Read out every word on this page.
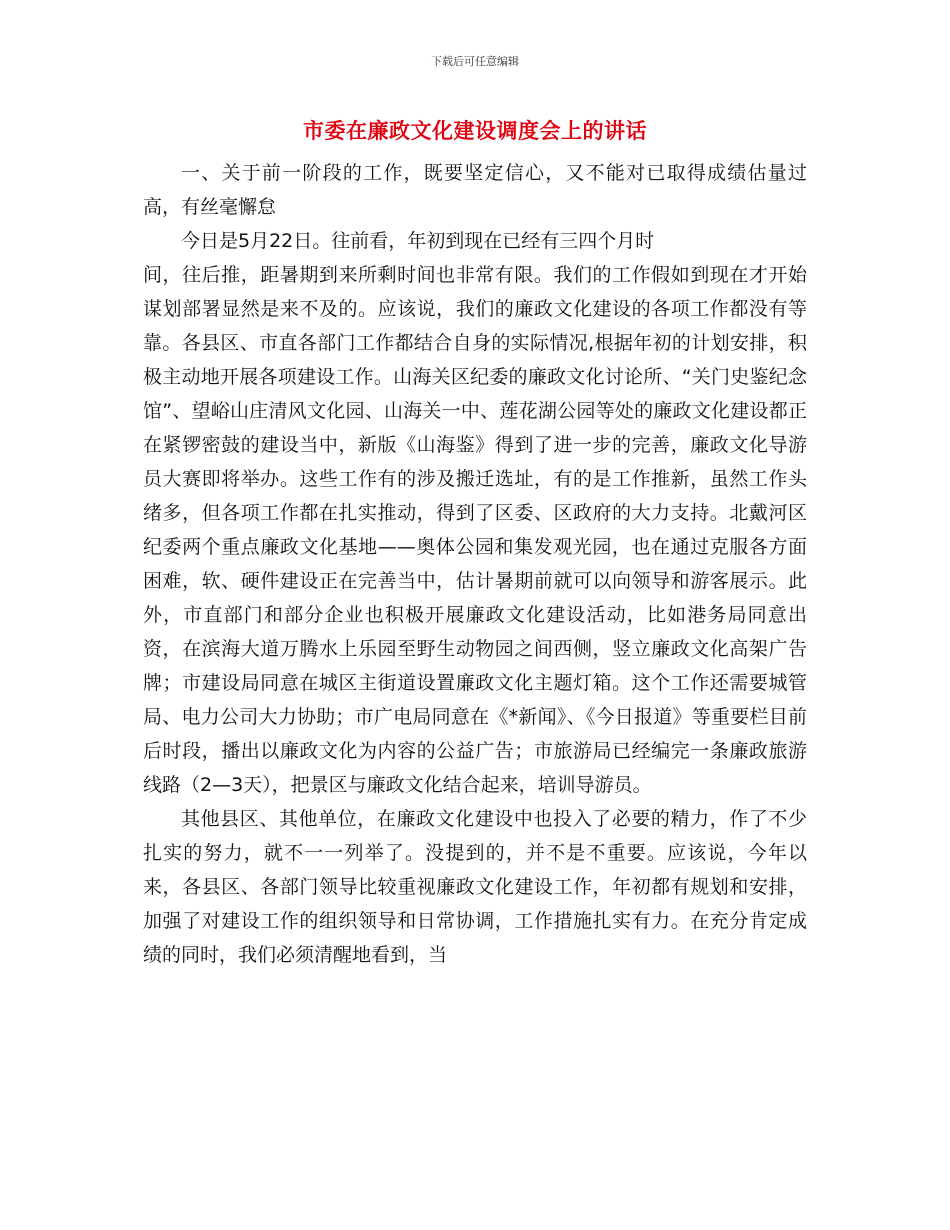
下载后可任意编辑
市委在廉政文化建设调度会上的讲话

一、关于前一阶段的工作，既要坚定信心，又不能对已取得成绩估量过高，有丝毫懈怠

今日是5月22日。往前看，年初到现在已经有三四个月时

间，往后推，距暑期到来所剩时间也非常有限。我们的工作假如到现在才开始谋划部署显然是来不及的。应该说，我们的廉政文化建设的各项工作都没有等靠。各县区、市直各部门工作都结合自身的实际情况,根据年初的计划安排，积极主动地开展各项建设工作。山海关区纪委的廉政文化讨论所、“关门史鉴纪念馆”、望峪山庄清风文化园、山海关一中、莲花湖公园等处的廉政文化建设都正在紧锣密鼓的建设当中，新版《山海鉴》得到了进一步的完善，廉政文化导游员大赛即将举办。这些工作有的涉及搬迁选址，有的是工作推新，虽然工作头绪多，但各项工作都在扎实推动，得到了区委、区政府的大力支持。北戴河区纪委两个重点廉政文化基地——奥体公园和集发观光园，也在通过克服各方面困难，软、硬件建设正在完善当中，估计暑期前就可以向领导和游客展示。此外，市直部门和部分企业也积极开展廉政文化建设活动，比如港务局同意出资，在滨海大道万腾水上乐园至野生动物园之间西侧，竖立廉政文化高架广告牌；市建设局同意在城区主街道设置廉政文化主题灯箱。这个工作还需要城管局、电力公司大力协助；市广电局同意在《*新闻》、《今日报道》等重要栏目前后时段，播出以廉政文化为内容的公益广告；市旅游局已经编完一条廉政旅游线路（2—3天），把景区与廉政文化结合起来，培训导游员。

其他县区、其他单位，在廉政文化建设中也投入了必要的精力，作了不少扎实的努力，就不一一列举了。没提到的，并不是不重要。应该说，今年以来，各县区、各部门领导比较重视廉政文化建设工作，年初都有规划和安排，加强了对建设工作的组织领导和日常协调，工作措施扎实有力。在充分肯定成绩的同时，我们必须清醒地看到，当
